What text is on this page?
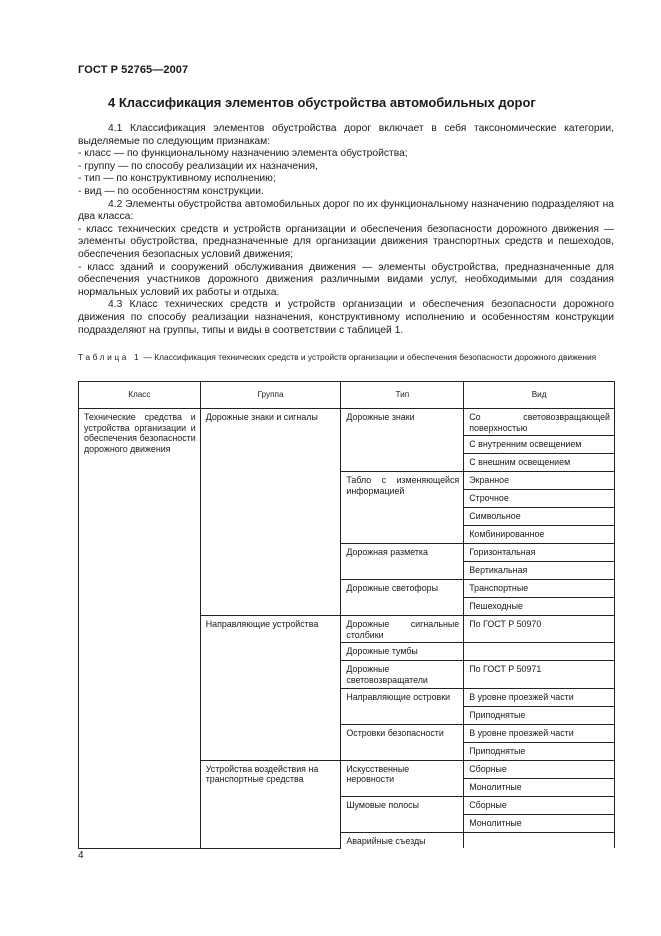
ГОСТ Р 52765—2007
4 Классификация элементов обустройства автомобильных дорог

4.1 Классификация элементов обустройства дорог включает в себя таксономические категории, выделяемые по следующим признакам:

- класс — по функциональному назначению элемента обустройства;

- группу — по способу реализации их назначения,

- тип — по конструктивному исполнению;

- вид — по особенностям конструкции.

4.2 Элементы обустройства автомобильных дорог по их функциональному назначению подразделяют на два класса:

- класс технических средств и устройств организации и обеспечения безопасности дорожного движения — элементы обустройства, предназначенные для организации движения транспортных средств и пешеходов, обеспечения безопасных условий движения;

- класс зданий и сооружений обслуживания движения — элементы обустройства, предназначенные для обеспечения участников дорожного движения различными видами услуг, необходимыми для создания нормальных условий их работы и отдыха.

4.3 Класс технических средств и устройств организации и обеспечения безопасности дорожного движения по способу реализации назначения, конструктивному исполнению и особенностям конструкции подразделяют на группы, типы и виды в соответствии с таблицей 1.

Таблица 1 — Классификация технических средств и устройств организации и обеспечения безопасности дорожного движения
Класс	Группа	Тип	Вид
Технические средства и устройства организации и обеспечения безопасности дорожного движения	Дорожные знаки и сигналы	Дорожные знаки	Со световозвращающей поверхностью
			С внутренним освещением
			С внешним освещением
		Табло с изменяющейся информацией	Экранное
			Строчное
			Символьное
			Комбинированное
		Дорожная разметка	Горизонтальная
			Вертикальная
		Дорожные светофоры	Транспортные
			Пешеходные
	Направляющие устройства	Дорожные сигнальные столбики	По ГОСТ Р 50970
		Дорожные тумбы	
		Дорожные световозвращатели	По ГОСТ Р 50971
		Направляющие островки	В уровне проезжей части
			Приподнятые
		Островки безопасности	В уровне проезжей части
			Приподнятые
	Устройства воздействия на транспортные средства	Искусственные неровности	Сборные
			Монолитные
		Шумовые полосы	Сборные
			Монолитные
		Аварийные съезды	
4
